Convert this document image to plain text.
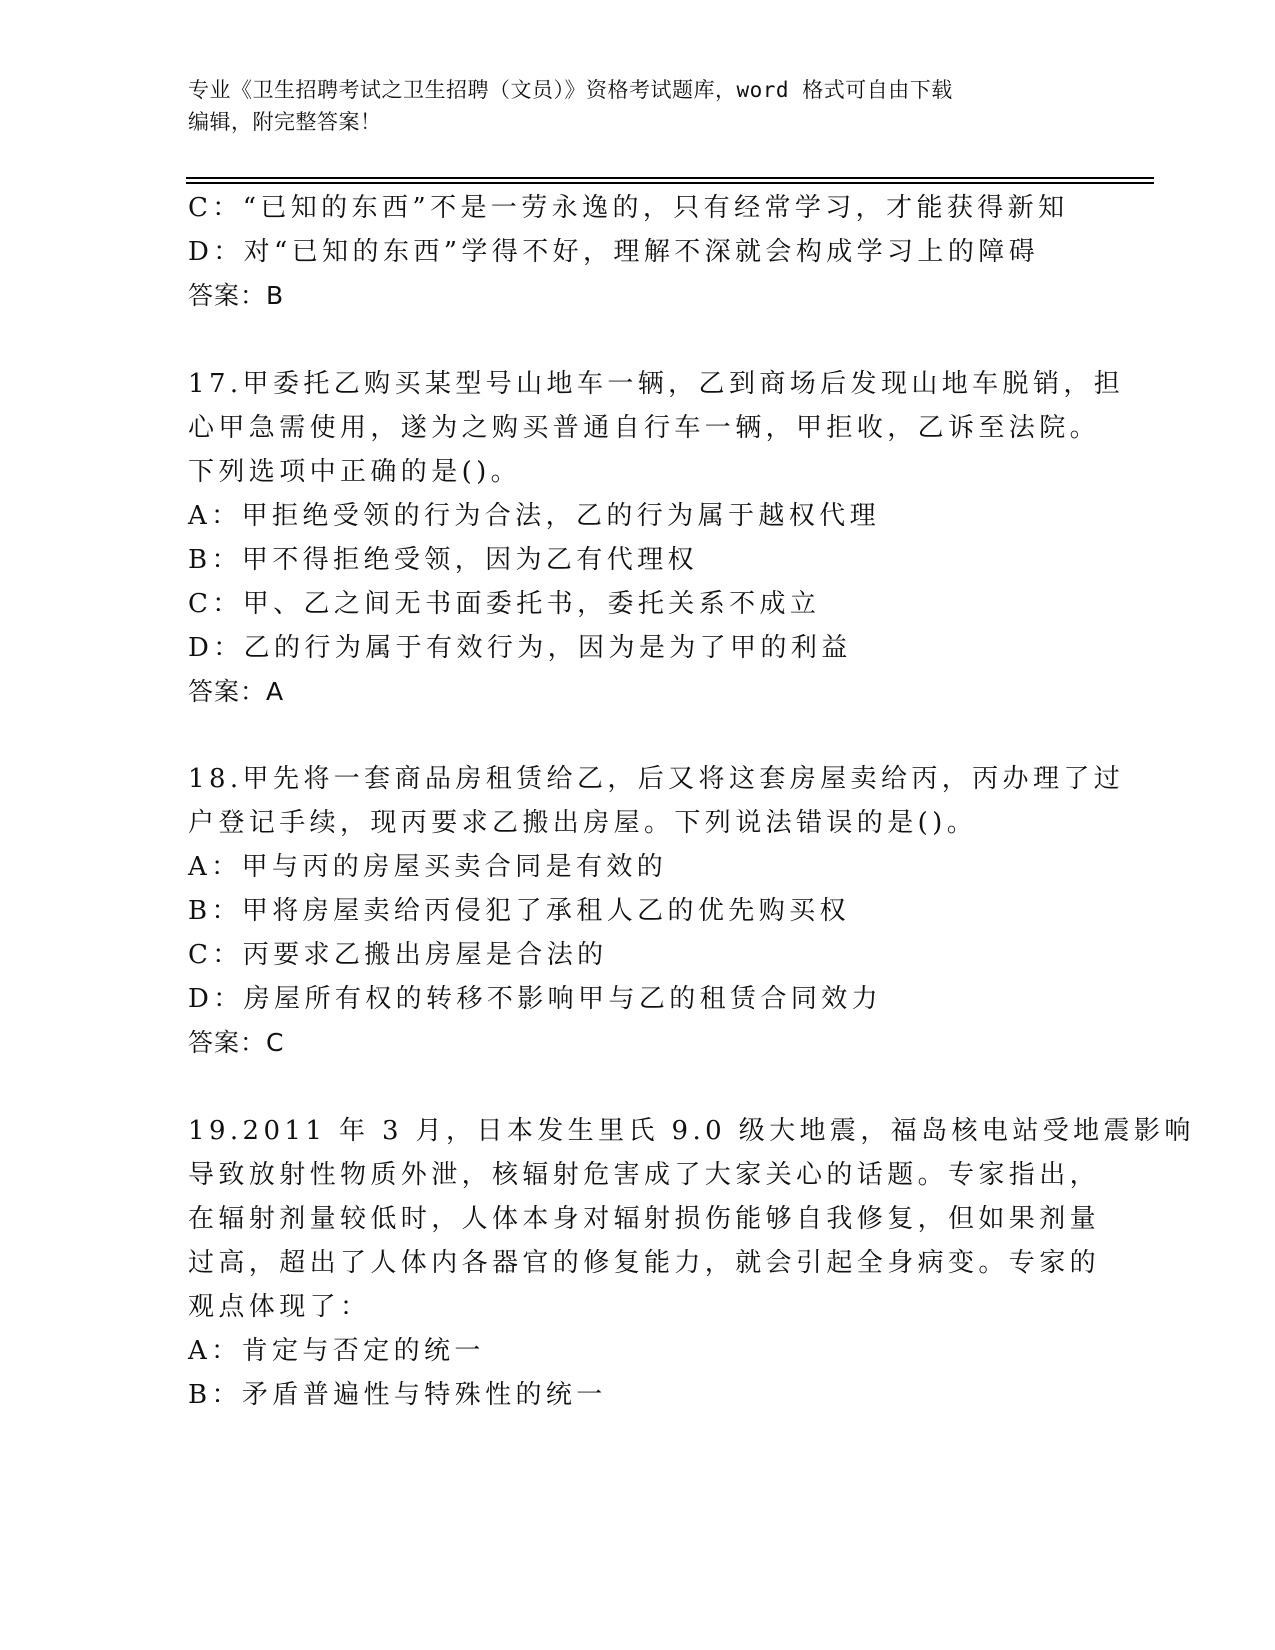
专业《卫生招聘考试之卫生招聘（文员）》资格考试题库，word 格式可自由下载
编辑，附完整答案！
C：“已知的东西”不是一劳永逸的，只有经常学习，才能获得新知
D：对“已知的东西”学得不好，理解不深就会构成学习上的障碍
答案：B
17.甲委托乙购买某型号山地车一辆，乙到商场后发现山地车脱销，担
心甲急需使用，遂为之购买普通自行车一辆，甲拒收，乙诉至法院。
下列选项中正确的是()。
A：甲拒绝受领的行为合法，乙的行为属于越权代理
B：甲不得拒绝受领，因为乙有代理权
C：甲、乙之间无书面委托书，委托关系不成立
D：乙的行为属于有效行为，因为是为了甲的利益
答案：A
18.甲先将一套商品房租赁给乙，后又将这套房屋卖给丙，丙办理了过
户登记手续，现丙要求乙搬出房屋。下列说法错误的是()。
A：甲与丙的房屋买卖合同是有效的
B：甲将房屋卖给丙侵犯了承租人乙的优先购买权
C：丙要求乙搬出房屋是合法的
D：房屋所有权的转移不影响甲与乙的租赁合同效力
答案：C
19.2011 年 3 月，日本发生里氏 9.0 级大地震，福岛核电站受地震影响
导致放射性物质外泄，核辐射危害成了大家关心的话题。专家指出，
在辐射剂量较低时，人体本身对辐射损伤能够自我修复，但如果剂量
过高，超出了人体内各器官的修复能力，就会引起全身病变。专家的
观点体现了：
A：肯定与否定的统一
B：矛盾普遍性与特殊性的统一
